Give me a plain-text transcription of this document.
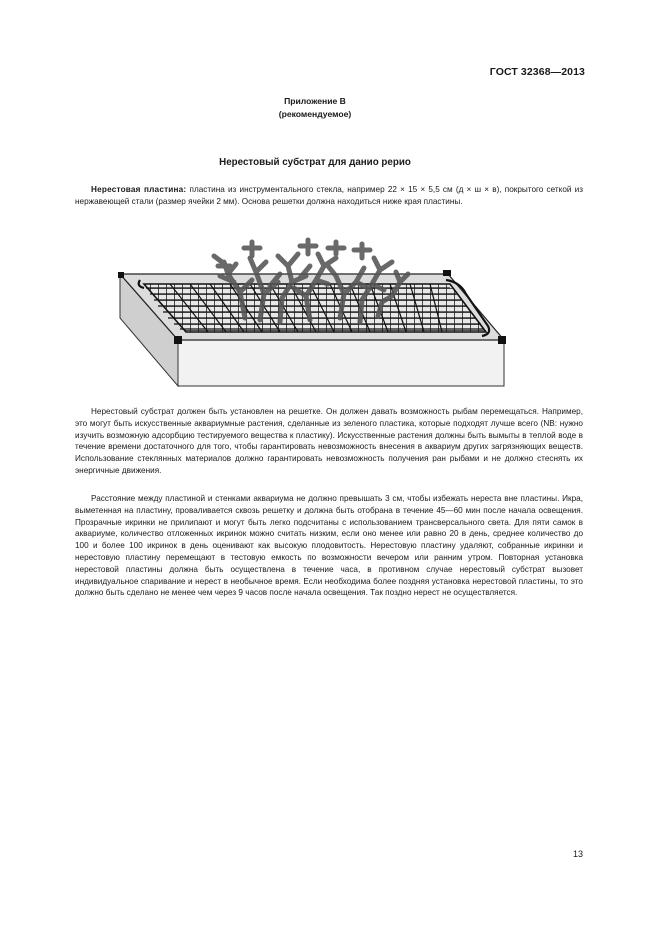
ГОСТ 32368—2013
Приложение В
(рекомендуемое)
Нерестовый субстрат для данио рерио

Нерестовая пластина: пластина из инструментального стекла, например 22 × 15 × 5,5 см (д × ш × в), покрытого сеткой из нержавеющей стали (размер ячейки 2 мм). Основа решетки должна находиться ниже края пластины.

Нерестовый субстрат должен быть установлен на решетке. Он должен давать возможность рыбам перемещаться. Например, это могут быть искусственные аквариумные растения, сделанные из зеленого пластика, которые подходят лучше всего (NB: нужно изучить возможную адсорбцию тестируемого вещества к пластику). Искусственные растения должны быть вымыты в теплой воде в течение времени достаточного для того, чтобы гарантировать невозможность внесения в аквариум других загрязняющих веществ. Использование стеклянных материалов должно гарантировать невозможность получения ран рыбами и не должно стеснять их энергичные движения.

Расстояние между пластиной и стенками аквариума не должно превышать 3 см, чтобы избежать нереста вне пластины. Икра, выметенная на пластину, проваливается сквозь решетку и должна быть отобрана в течение 45—60 мин после начала освещения. Прозрачные икринки не прилипают и могут быть легко подсчитаны с использованием трансверсального света. Для пяти самок в аквариуме, количество отложенных икринок можно считать низким, если оно менее или равно 20 в день, среднее количество до 100 и более 100 икринок в день оценивают как высокую плодовитость. Нерестовую пластину удаляют, собранные икринки и нерестовую пластину перемещают в тестовую емкость по возможности вечером или ранним утром. Повторная установка нерестовой пластины должна быть осуществлена в течение часа, в противном случае нерестовый субстрат вызовет индивидуальное спаривание и нерест в необычное время. Если необходима более поздняя установка нерестовой пластины, то это должно быть сделано не менее чем через 9 часов после начала освещения. Так поздно нерест не осуществляется.

13
